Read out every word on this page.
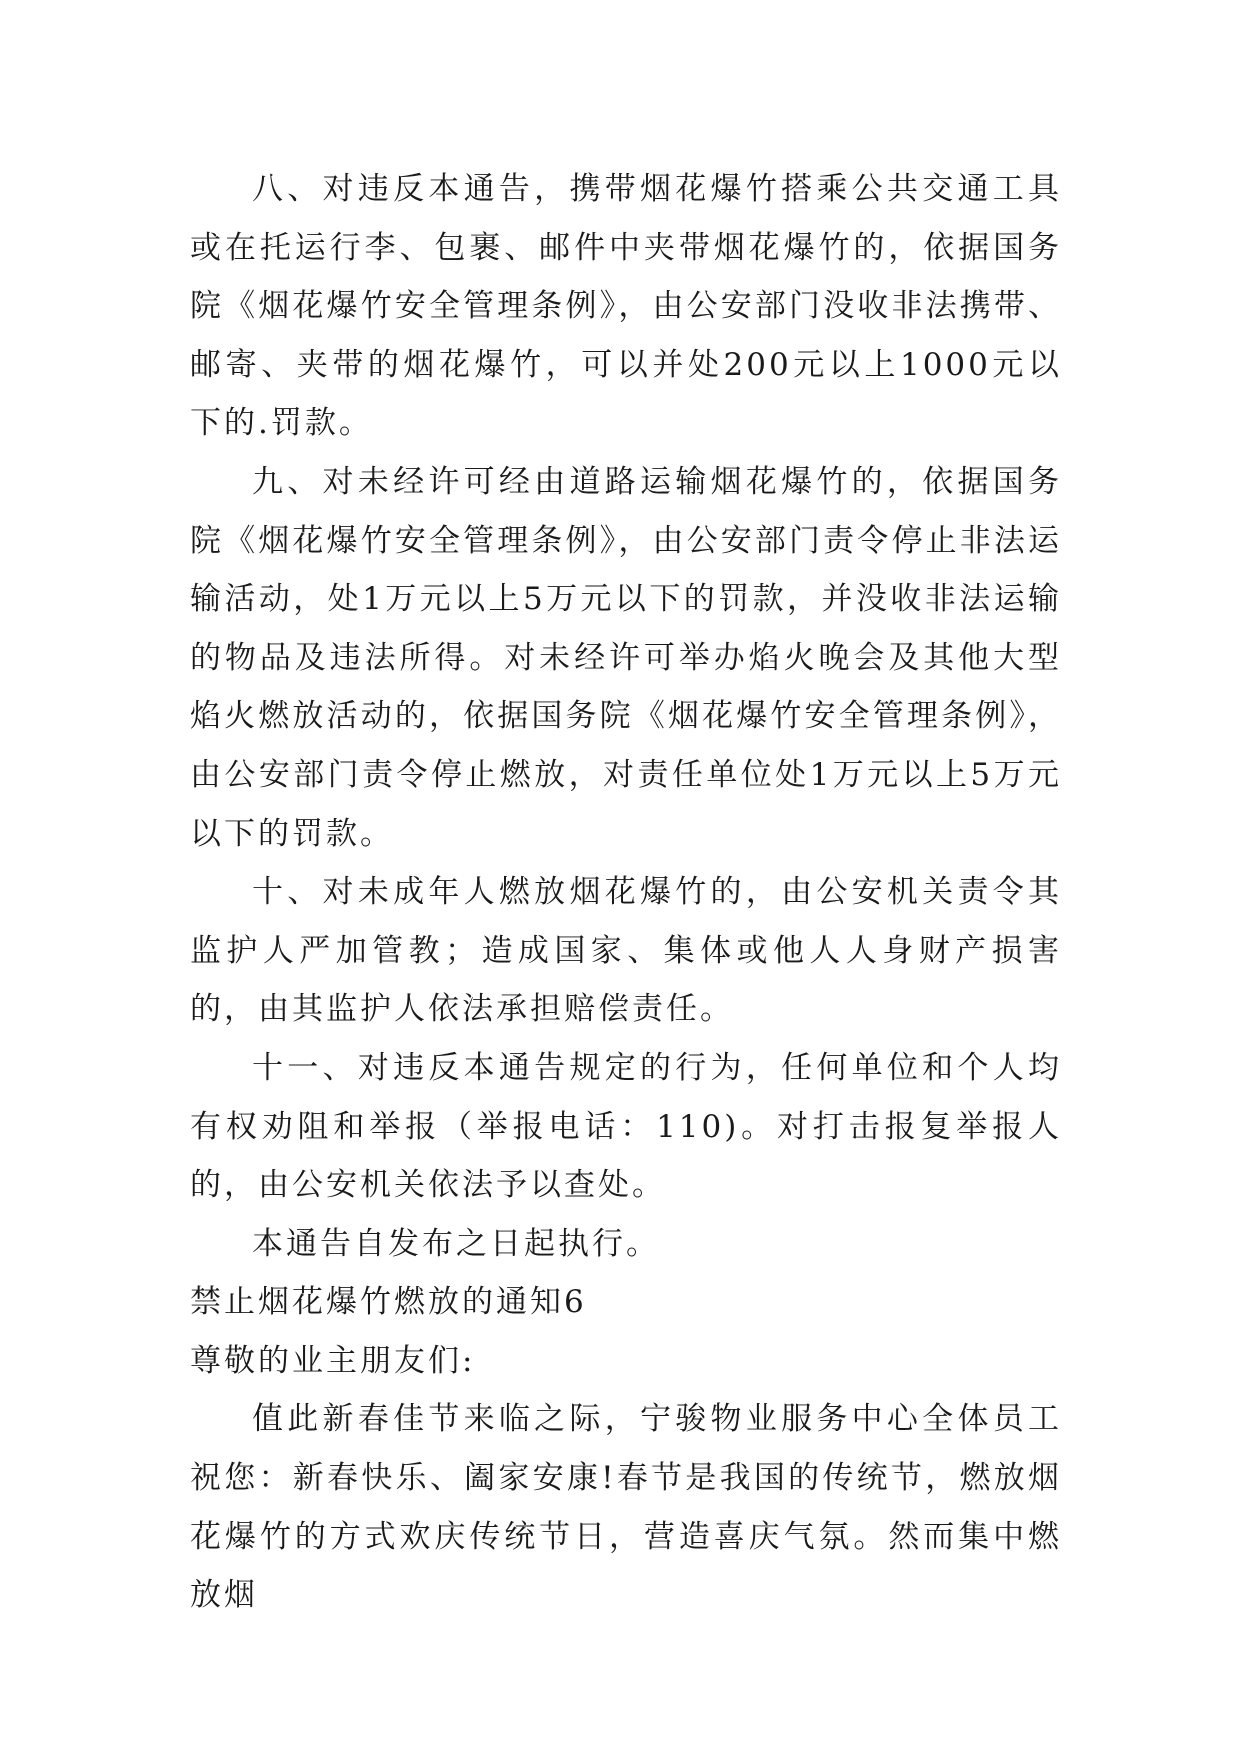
八、对违反本通告，携带烟花爆竹搭乘公共交通工具或在托运行李、包裹、邮件中夹带烟花爆竹的，依据国务院《烟花爆竹安全管理条例》，由公安部门没收非法携带、邮寄、夹带的烟花爆竹，可以并处200元以上1000元以下的.罚款。

九、对未经许可经由道路运输烟花爆竹的，依据国务院《烟花爆竹安全管理条例》，由公安部门责令停止非法运输活动，处1万元以上5万元以下的罚款，并没收非法运输的物品及违法所得。对未经许可举办焰火晚会及其他大型焰火燃放活动的，依据国务院《烟花爆竹安全管理条例》，由公安部门责令停止燃放，对责任单位处1万元以上5万元以下的罚款。

十、对未成年人燃放烟花爆竹的，由公安机关责令其监护人严加管教；造成国家、集体或他人人身财产损害的，由其监护人依法承担赔偿责任。

十一、对违反本通告规定的行为，任何单位和个人均有权劝阻和举报（举报电话：110)。对打击报复举报人的，由公安机关依法予以查处。

本通告自发布之日起执行。

禁止烟花爆竹燃放的通知6

尊敬的业主朋友们:

值此新春佳节来临之际，宁骏物业服务中心全体员工祝您：新春快乐、阖家安康!春节是我国的传统节，燃放烟花爆竹的方式欢庆传统节日，营造喜庆气氛。然而集中燃放烟
